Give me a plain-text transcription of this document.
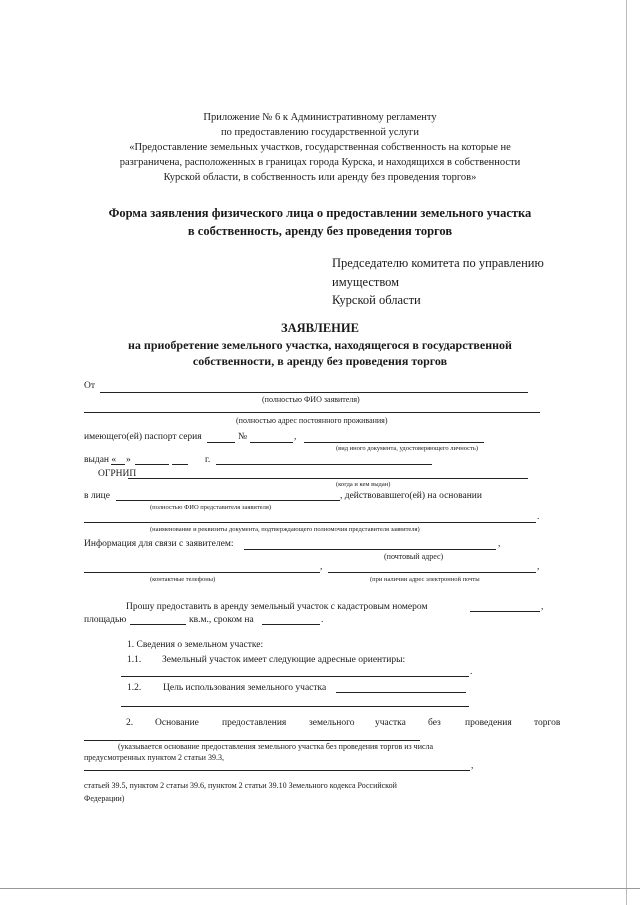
Приложение № 6 к Административному регламенту
по предоставлению государственной услуги
«Предоставление земельных участков, государственная собственность на которые не
разграничена, расположенных в границах города Курска, и находящихся в собственности
Курской области, в собственность или аренду без проведения торгов»
Форма заявления физического лица о предоставлении земельного участка
в собственность, аренду без проведения торгов
Председателю комитета по управлению
имуществом
Курской области
ЗАЯВЛЕНИЕ
на приобретение земельного участка, находящегося в государственной
собственности, в аренду без проведения торгов
От
(полностью ФИО заявителя)
(полностью адрес постоянного проживания)
имеющего(ей) паспорт серия	№	,
(вид иного документа, удостоверяющего личность)
выдан « »	г.
ОГРНИП
(когда и кем выдан)
в лице	, действовавшего(ей) на основании
(полностью ФИО представителя заявителя)
.
(наименование и реквизиты документа, подтверждающего полномочия представителя заявителя)
Информация для связи с заявителем:	,
(почтовый адрес)
,	,
(контактные телефоны)	(при наличии адрес электронной почты
Прошу предоставить в аренду земельный участок с кадастровым номером	,
площадью	кв.м., сроком на	.
1. Сведения о земельном участке:
1.1. Земельный участок имеет следующие адресные ориентиры:
.
1.2. Цель использования земельного участка
2. Основание предоставления земельного участка без	проведения торгов
(указывается основание предоставления земельного участка без проведения торгов из числа
предусмотренных пунктом 2 статьи 39.3,
,
статьей 39.5, пунктом 2 статьи 39.6, пунктом 2 статьи 39.10 Земельного кодекса Российской
Федерации)
